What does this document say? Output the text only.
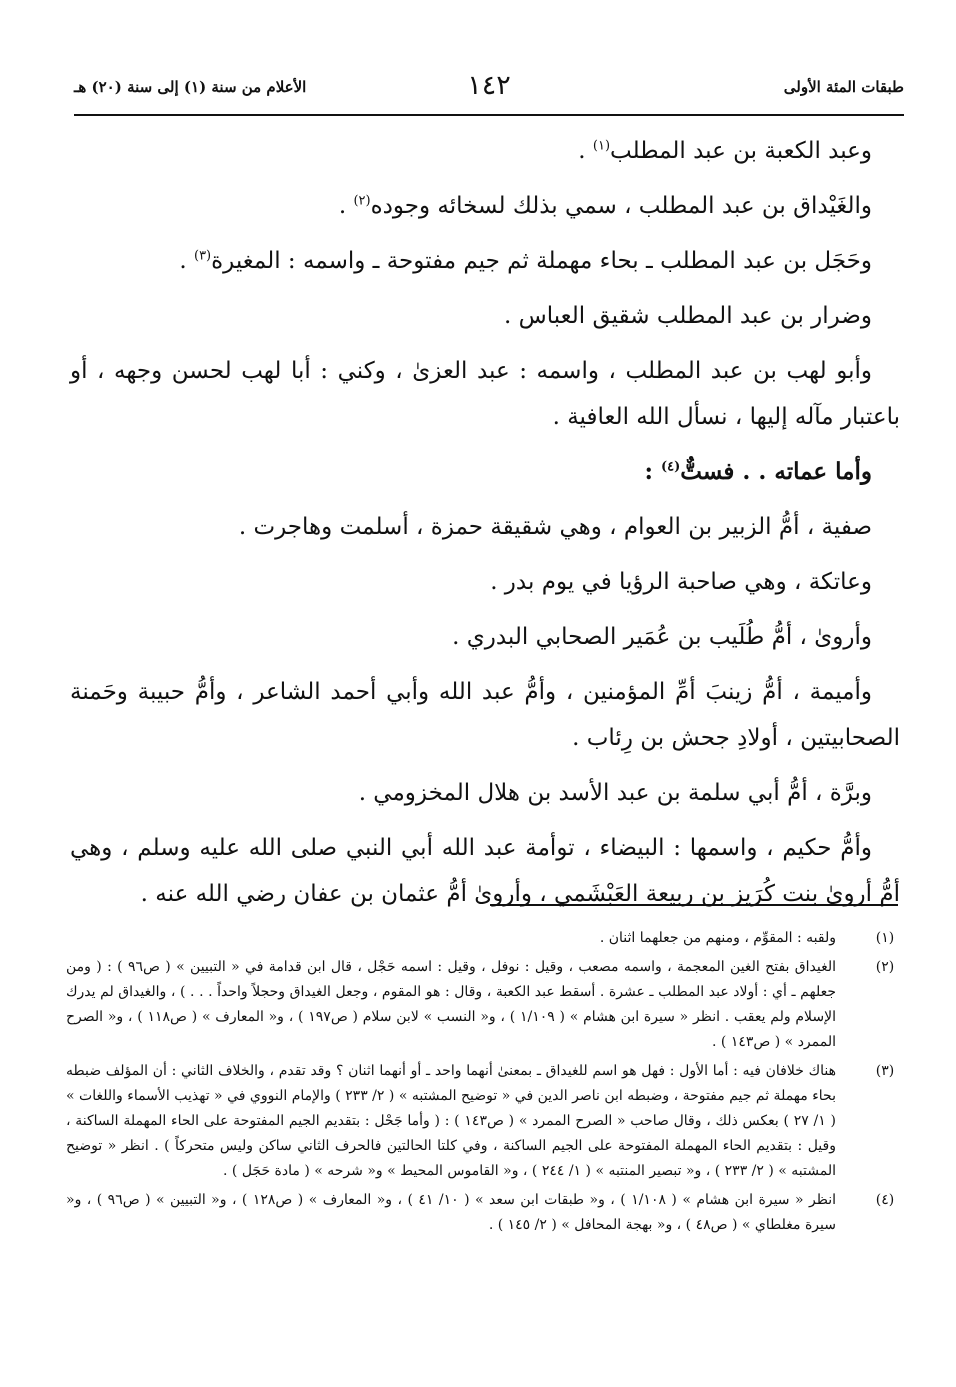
طبقات المئة الأولى
١٤٢
الأعلام من سنة (١) إلى سنة (٢٠) هـ

وعبد الكعبة بن عبد المطلب$^{(١)}$ .

والغَيْداق بن عبد المطلب ، سمي بذلك لسخائه وجوده$^{(٢)}$ .

وحَجَل بن عبد المطلب ـ بحاء مهملة ثم جيم مفتوحة ـ واسمه : المغيرة$^{(٣)}$ .

وضرار بن عبد المطلب شقيق العباس .

وأبو لهب بن عبد المطلب ، واسمه : عبد العزىٰ ، وكني : أبا لهب لحسن وجهه ، أو باعتبار مآله إليها ، نسأل الله العافية .

وأما عماته . . فستٌّ$^{(٤)}$ :

صفية ، أمُّ الزبير بن العوام ، وهي شقيقة حمزة ، أسلمت وهاجرت .

وعاتكة ، وهي صاحبة الرؤيا في يوم بدر .

وأروىٰ ، أمُّ طُلَيب بن عُمَير الصحابي البدري .

وأميمة ، أمُّ زينبَ أمِّ المؤمنين ، وأمُّ عبد الله وأبي أحمد الشاعر ، وأمُّ حبيبة وحَمنة الصحابيتين ، أولادِ جحش بن رِئاب .

وبرَّة ، أمُّ أبي سلمة بن عبد الأسد بن هلال المخزومي .

وأمُّ حكيم ، واسمها : البيضاء ، توأمة عبد الله أبي النبي صلى الله عليه وسلم ، وهي أمُّ أروىٰ بنت كُرَيز بن ربيعة العَبْشَمي ، وأروىٰ أمُّ عثمان بن عفان رضي الله عنه .

(١)
ولقبه : المقوِّم ، ومنهم من جعلهما اثنان .
(٢)
الغيداق بفتح الغين المعجمة ، واسمه مصعب ، وقيل : نوفل ، وقيل : اسمه حَجْل ، قال ابن قدامة في « التبيين » ( ص٩٦ ) : ( ومن جعلهم ـ أي : أولاد عبد المطلب ـ عشرة . أسقط عبد الكعبة ، وقال : هو المقوم ، وجعل الغيداق وحجلاً واحداً . . . ) ، والغيداق لم يدرك الإسلام ولم يعقب . انظر « سيرة ابن هشام » ( ١/١٠٩ ) ، و« النسب » لابن سلام ( ص١٩٧ ) ، و« المعارف » ( ص١١٨ ) ، و« الصرح الممرد » ( ص١٤٣ ) .
(٣)
هناك خلافان فيه : أما الأول : فهل هو اسم للغيداق ـ بمعنىٰ أنهما واحد ـ أو أنهما اثنان ؟ وقد تقدم ، والخلاف الثاني : أن المؤلف ضبطه بحاء مهملة ثم جيم مفتوحة ، وضبطه ابن ناصر الدين في « توضيح المشتبه » ( ٢/ ٢٣٣ ) والإمام النووي في « تهذيب الأسماء واللغات » ( ١/ ٢٧ ) بعكس ذلك ، وقال صاحب « الصرح الممرد » ( ص١٤٣ ) : ( وأما جَحْل : بتقديم الجيم المفتوحة على الحاء المهملة الساكنة ، وقيل : بتقديم الحاء المهملة المفتوحة على الجيم الساكنة ، وفي كلتا الحالتين فالحرف الثاني ساكن وليس متحركاً ) . انظر « توضيح المشتبه » ( ٢/ ٢٣٣ ) ، و« تبصير المنتبه » ( ١/ ٢٤٤ ) ، و« القاموس المحيط » و« شرحه » ( مادة حَجَل ) .
(٤)
انظر « سيرة ابن هشام » ( ١/١٠٨ ) ، و« طبقات ابن سعد » ( ١٠/ ٤١ ) ، و« المعارف » ( ص١٢٨ ) ، و« التبيين » ( ص٩٦ ) ، و« سيرة مغلطاي » ( ص٤٨ ) ، و« بهجة المحافل » ( ٢/ ١٤٥ ) .
